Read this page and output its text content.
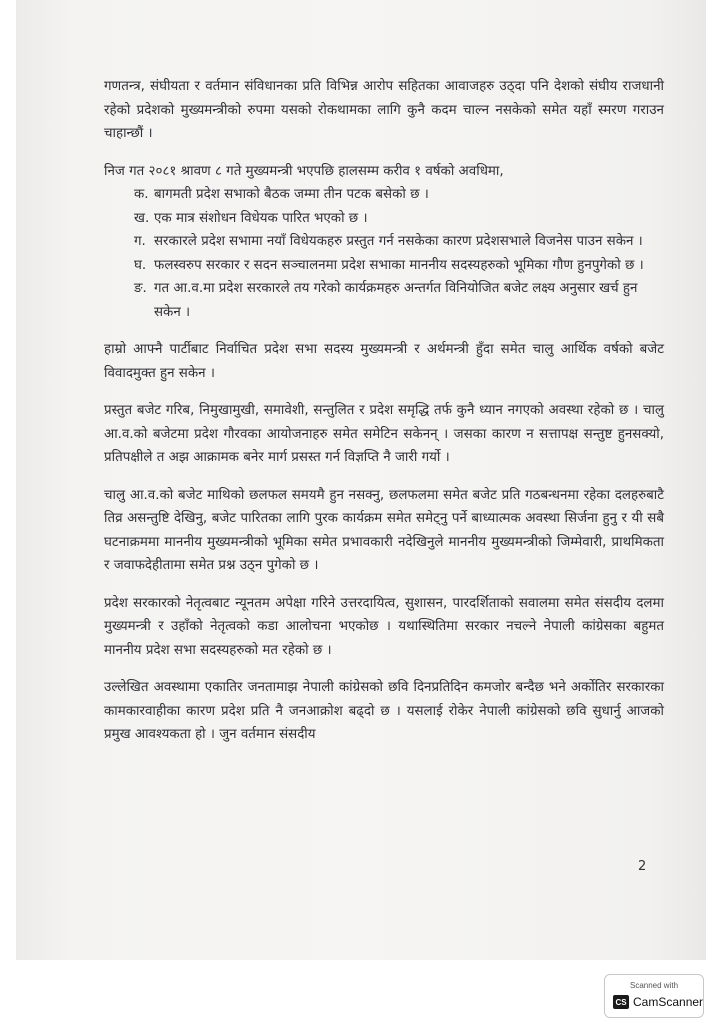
गणतन्त्र, संघीयता र वर्तमान संविधानका प्रति विभिन्न आरोप सहितका आवाजहरु उठ्दा पनि देशको संघीय राजधानी रहेको प्रदेशको मुख्यमन्त्रीको रुपमा यसको रोकथामका लागि कुनै कदम चाल्न नसकेको समेत यहाँ स्मरण गराउन चाहान्छौं ।

निज गत २०८१ श्रावण ८ गते मुख्यमन्त्री भएपछि हालसम्म करीव १ वर्षको अवधिमा,

क. बागमती प्रदेश सभाको बैठक जम्मा तीन पटक बसेको छ ।
ख. एक मात्र संशोधन विधेयक पारित भएको छ ।
ग. सरकारले प्रदेश सभामा नयाँ विधेयकहरु प्रस्तुत गर्न नसकेका कारण प्रदेशसभाले विजनेस पाउन सकेन ।
घ. फलस्वरुप सरकार र सदन सञ्चालनमा प्रदेश सभाका माननीय सदस्यहरुको भूमिका गौण हुनपुगेको छ ।
ङ. गत आ.व.मा प्रदेश सरकारले तय गरेको कार्यक्रमहरु अन्तर्गत विनियोजित बजेट लक्ष्य अनुसार खर्च हुन सकेन ।

हाम्रो आफ्नै पार्टीबाट निर्वाचित प्रदेश सभा सदस्य मुख्यमन्त्री र अर्थमन्त्री हुँदा समेत चालु आर्थिक वर्षको बजेट विवादमुक्त हुन सकेन ।

प्रस्तुत बजेट गरिब, निमुखामुखी, समावेशी, सन्तुलित र प्रदेश समृद्धि तर्फ कुनै ध्यान नगएको अवस्था रहेको छ । चालु आ.व.को बजेटमा प्रदेश गौरवका आयोजनाहरु समेत समेटिन सकेनन् । जसका कारण न सत्तापक्ष सन्तुष्ट हुनसक्यो, प्रतिपक्षीले त अझ आक्रामक बनेर मार्ग प्रसस्त गर्न विज्ञप्ति नै जारी गर्यो ।

चालु आ.व.को बजेट माथिको छलफल समयमै हुन नसक्नु, छलफलमा समेत बजेट प्रति गठबन्धनमा रहेका दलहरुबाटै तिव्र असन्तुष्टि देखिनु, बजेट पारितका लागि पुरक कार्यक्रम समेत समेट्नु पर्ने बाध्यात्मक अवस्था सिर्जना हुनु र यी सबै घटनाक्रममा माननीय मुख्यमन्त्रीको भूमिका समेत प्रभावकारी नदेखिनुले माननीय मुख्यमन्त्रीको जिम्मेवारी, प्राथमिकता र जवाफदेहीतामा समेत प्रश्न उठ्न पुगेको छ ।

प्रदेश सरकारको नेतृत्वबाट न्यूनतम अपेक्षा गरिने उत्तरदायित्व, सुशासन, पारदर्शिताको सवालमा समेत संसदीय दलमा मुख्यमन्त्री र उहाँको नेतृत्वको कडा आलोचना भएकोछ । यथास्थितिमा सरकार नचल्ने नेपाली कांग्रेसका बहुमत माननीय प्रदेश सभा सदस्यहरुको मत रहेको छ ।

उल्लेखित अवस्थामा एकातिर जनतामाझ नेपाली कांग्रेसको छवि दिनप्रतिदिन कमजोर बन्दैछ भने अर्कोतिर सरकारका कामकारवाहीका कारण प्रदेश प्रति नै जनआक्रोश बढ्दो छ । यसलाई रोकेर नेपाली कांग्रेसको छवि सुधार्नु आजको प्रमुख आवश्यकता हो । जुन वर्तमान संसदीय

2
Scanned with
CS CamScanner
